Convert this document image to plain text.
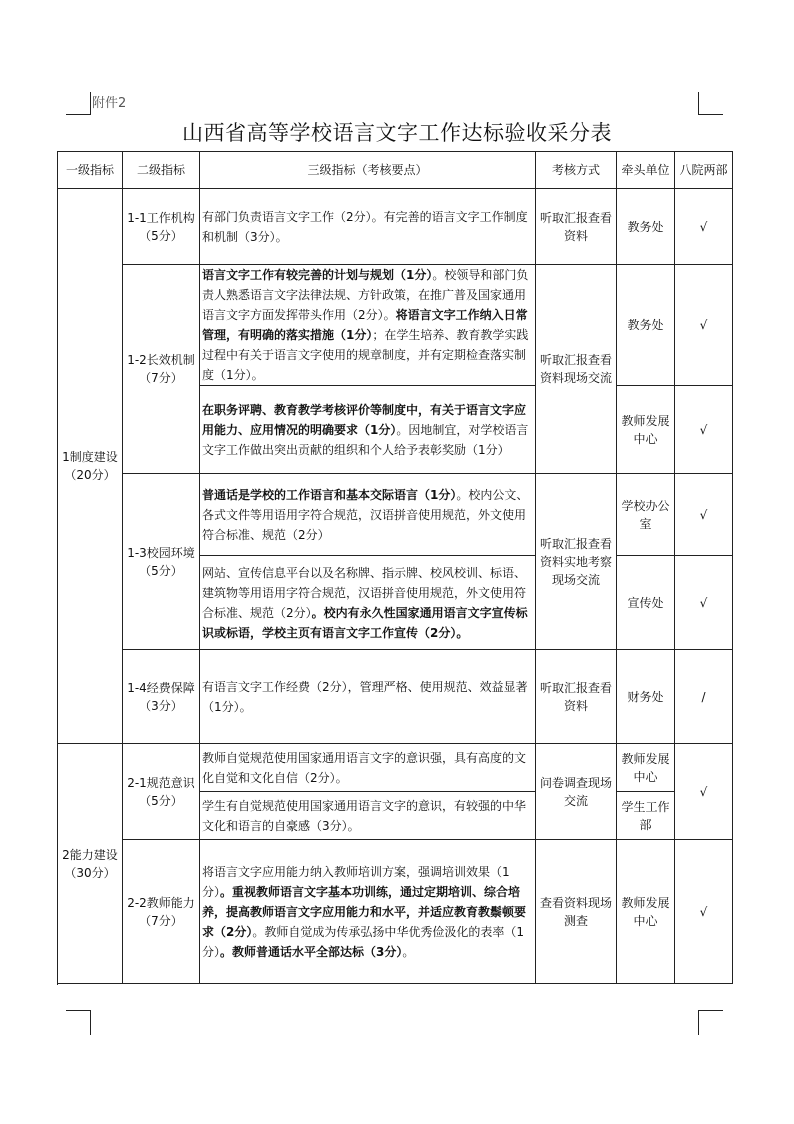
附件2
山西省高等学校语言文字工作达标验收采分表
一级指标	二级指标	三级指标（考核要点）	考核方式	牵头单位	八院两部
1制度建设（20分）	1-1工作机构（5分）	有部门负责语言文字工作（2分）。有完善的语言文字工作制度和机制（3分）。	听取汇报查看资料	教务处	√
	1-2长效机制（7分）	语言文字工作有较完善的计划与规划（1分）。校领导和部门负责人熟悉语言文字法律法规、方针政策，在推广普及国家通用语言文字方面发挥带头作用（2分）。将语言文字工作纳入日常管理，有明确的落实措施（1分）；在学生培养、教育教学实践过程中有关于语言文字使用的规章制度，并有定期检查落实制度（1分）。	听取汇报查看资料现场交流	教务处	√
		在职务评聘、教育教学考核评价等制度中，有关于语言文字应用能力、应用情况的明确要求（1分）。因地制宜，对学校语言文字工作做出突出贡献的组织和个人给予表彰奖励（1分）		教师发展中心	√
	1-3校园环境（5分）	普通话是学校的工作语言和基本交际语言（1分）。校内公文、各式文件等用语用字符合规范，汉语拼音使用规范，外文使用符合标准、规范（2分）	听取汇报查看资料实地考察现场交流	学校办公室	√
		网站、宣传信息平台以及名称牌、指示牌、校风校训、标语、建筑物等用语用字符合规范，汉语拼音使用规范，外文使用符合标准、规范（2分）。校内有永久性国家通用语言文字宣传标识或标语，学校主页有语言文字工作宣传（2分）。		宣传处	√
	1-4经费保障（3分）	有语言文字工作经费（2分），管理严格、使用规范、效益显著（1分）。	听取汇报查看资料	财务处	/

2能力建设（30分）	2-1规范意识（5分）	教师自觉规范使用国家通用语言文字的意识强，具有高度的文化自觉和文化自信（2分）。	问卷调查现场交流	教师发展中心	√
		学生有自觉规范使用国家通用语言文字的意识，有较强的中华文化和语言的自豪感（3分）。		学生工作部	
	2-2教师能力（7分）	将语言文字应用能力纳入教师培训方案，强调培训效果（1分）。重视教师语言文字基本功训练，通过定期培训、综合培养，提高教师语言文字应用能力和水平，并适应教育教鬃顿要求（2分）。教师自觉成为传承弘扬中华优秀俭汲化的表率（1分）。教师普通话水平全部达标（3分）。	查看资料现场测查	教师发展中心	√
